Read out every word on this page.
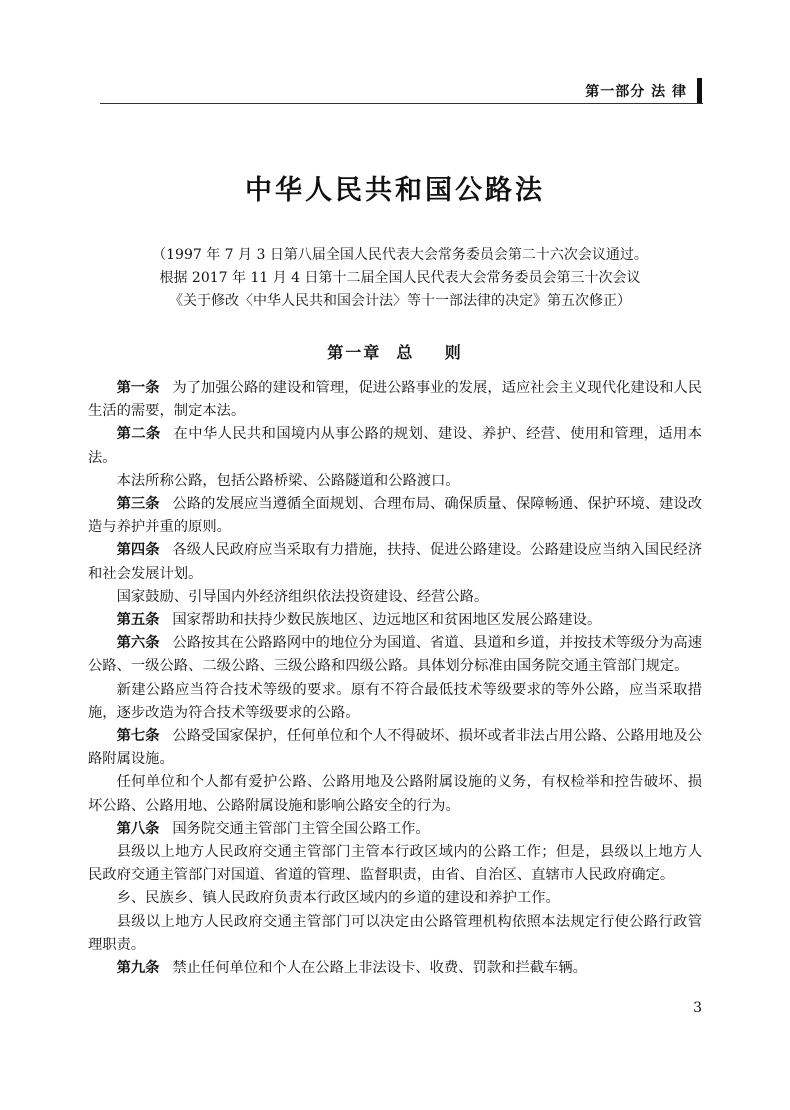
第一部分 法 律
中华人民共和国公路法
（1997 年 7 月 3 日第八届全国人民代表大会常务委员会第二十六次会议通过。
根据 2017 年 11 月 4 日第十二届全国人民代表大会常务委员会第三十次会议
《关于修改〈中华人民共和国会计法〉等十一部法律的决定》第五次修正）
第一章  总    则

第一条 为了加强公路的建设和管理，促进公路事业的发展，适应社会主义现代化建设和人民生活的需要，制定本法。

第二条 在中华人民共和国境内从事公路的规划、建设、养护、经营、使用和管理，适用本法。

本法所称公路，包括公路桥梁、公路隧道和公路渡口。

第三条 公路的发展应当遵循全面规划、合理布局、确保质量、保障畅通、保护环境、建设改造与养护并重的原则。

第四条 各级人民政府应当采取有力措施，扶持、促进公路建设。公路建设应当纳入国民经济和社会发展计划。

国家鼓励、引导国内外经济组织依法投资建设、经营公路。

第五条 国家帮助和扶持少数民族地区、边远地区和贫困地区发展公路建设。

第六条 公路按其在公路路网中的地位分为国道、省道、县道和乡道，并按技术等级分为高速公路、一级公路、二级公路、三级公路和四级公路。具体划分标准由国务院交通主管部门规定。

新建公路应当符合技术等级的要求。原有不符合最低技术等级要求的等外公路，应当采取措施，逐步改造为符合技术等级要求的公路。

第七条 公路受国家保护，任何单位和个人不得破坏、损坏或者非法占用公路、公路用地及公路附属设施。

任何单位和个人都有爱护公路、公路用地及公路附属设施的义务，有权检举和控告破坏、损坏公路、公路用地、公路附属设施和影响公路安全的行为。

第八条 国务院交通主管部门主管全国公路工作。

县级以上地方人民政府交通主管部门主管本行政区域内的公路工作；但是，县级以上地方人民政府交通主管部门对国道、省道的管理、监督职责，由省、自治区、直辖市人民政府确定。

乡、民族乡、镇人民政府负责本行政区域内的乡道的建设和养护工作。

县级以上地方人民政府交通主管部门可以决定由公路管理机构依照本法规定行使公路行政管理职责。

第九条 禁止任何单位和个人在公路上非法设卡、收费、罚款和拦截车辆。

3
